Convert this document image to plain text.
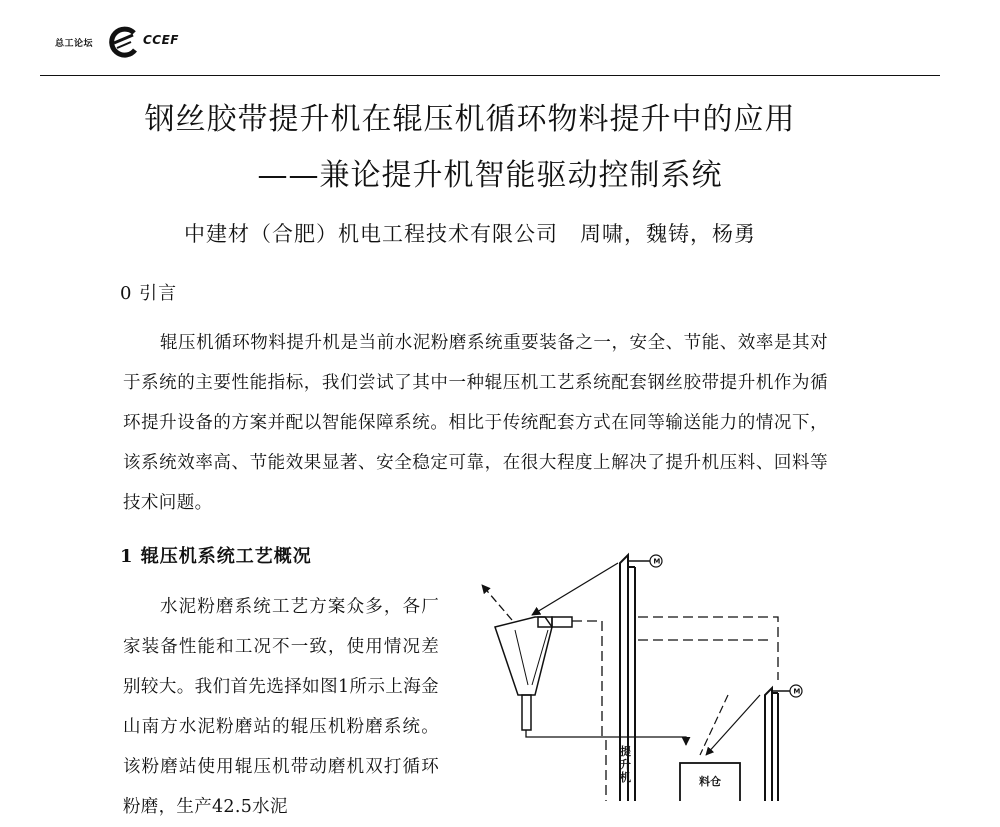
总工论坛	CCEF
钢丝胶带提升机在辊压机循环物料提升中的应用
——兼论提升机智能驱动控制系统
中建材（合肥）机电工程技术有限公司 周啸，魏铸，杨勇
0 引言

辊压机循环物料提升机是当前水泥粉磨系统重要装备之一，安全、节能、效率是其对于系统的主要性能指标，我们尝试了其中一种辊压机工艺系统配套钢丝胶带提升机作为循环提升设备的方案并配以智能保障系统。相比于传统配套方式在同等输送能力的情况下，该系统效率高、节能效果显著、安全稳定可靠，在很大程度上解决了提升机压料、回料等技术问题。

1 辊压机系统工艺概况

水泥粉磨系统工艺方案众多，各厂家装备性能和工况不一致，使用情况差别较大。我们首先选择如图1所示上海金山南方水泥粉磨站的辊压机粉磨系统。该粉磨站使用辊压机带动磨机双打循环粉磨，生产42.5水泥

M
提升机
M
料仓
